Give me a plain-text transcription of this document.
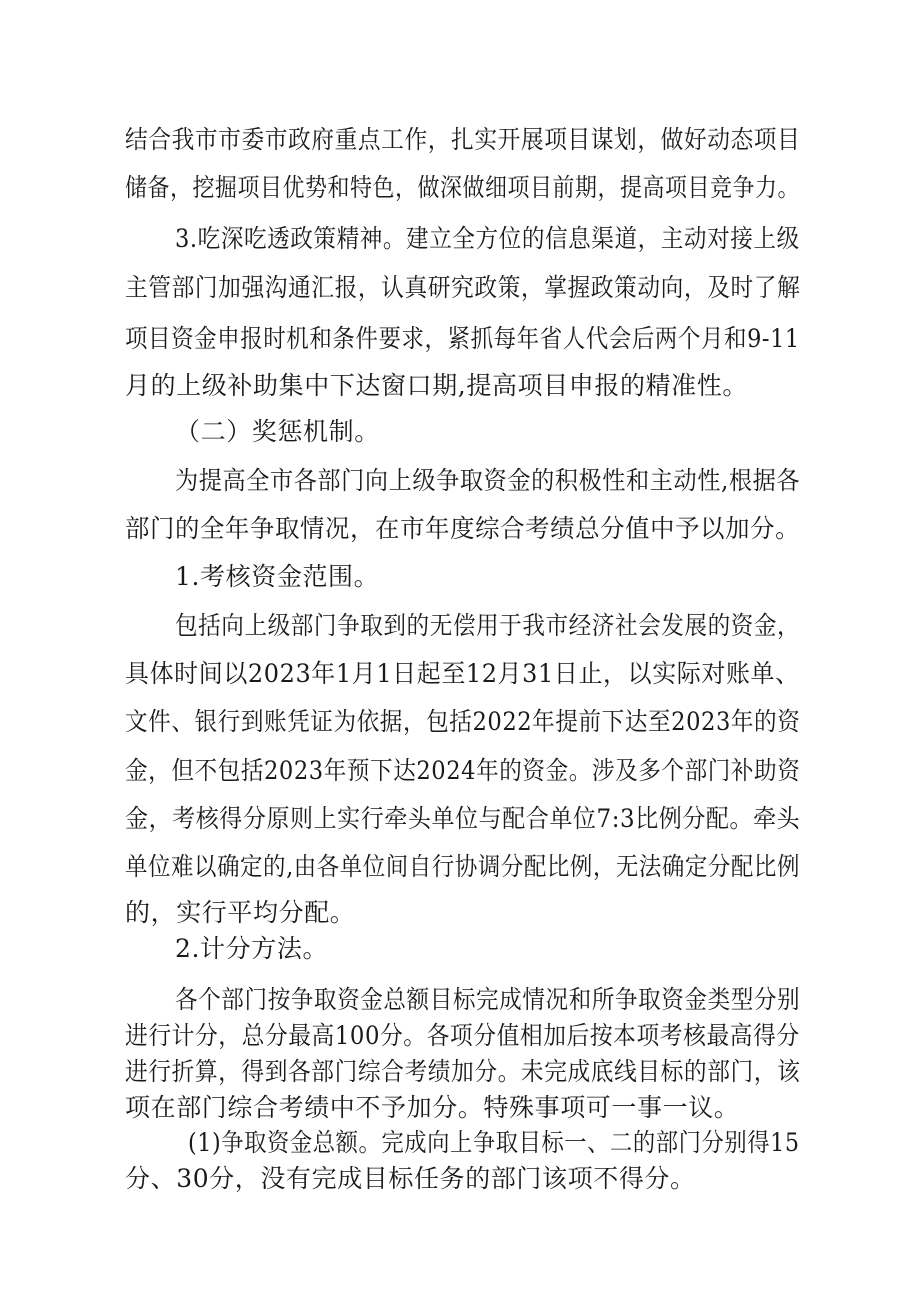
结合我市市委市政府重点工作，扎实开展项目谋划，做好动态项目
储备，挖掘项目优势和特色，做深做细项目前期，提高项目竞争力。
3.吃深吃透政策精神。建立全方位的信息渠道，主动对接上级
主管部门加强沟通汇报，认真研究政策，掌握政策动向，及时了解
项目资金申报时机和条件要求，紧抓每年省人代会后两个月和9-11
月的上级补助集中下达窗口期,提高项目申报的精准性。
（二）奖惩机制。
为提高全市各部门向上级争取资金的积极性和主动性,根据各
部门的全年争取情况，在市年度综合考绩总分值中予以加分。
1.考核资金范围。
包括向上级部门争取到的无偿用于我市经济社会发展的资金，
具体时间以2023年1月1日起至12月31日止，以实际对账单、
文件、银行到账凭证为依据，包括2022年提前下达至2023年的资
金，但不包括2023年预下达2024年的资金。涉及多个部门补助资
金，考核得分原则上实行牵头单位与配合单位7:3比例分配。牵头
单位难以确定的,由各单位间自行协调分配比例，无法确定分配比例
的，实行平均分配。
2.计分方法。
各个部门按争取资金总额目标完成情况和所争取资金类型分别
进行计分，总分最高100分。各项分值相加后按本项考核最高得分
进行折算，得到各部门综合考绩加分。未完成底线目标的部门，该
项在部门综合考绩中不予加分。特殊事项可一事一议。
(1)争取资金总额。完成向上争取目标一、二的部门分别得15
分、30分，没有完成目标任务的部门该项不得分。
